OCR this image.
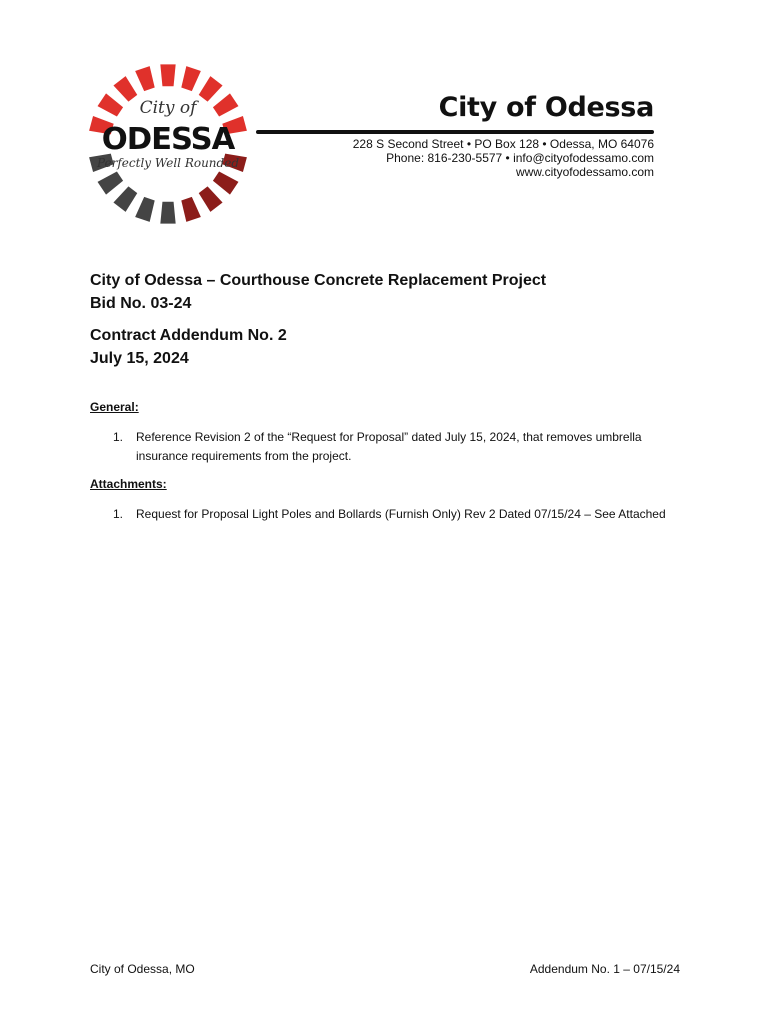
City of
ODESSA
Perfectly Well Rounded
City of Odessa
228 S Second Street • PO Box 128 • Odessa, MO 64076
Phone: 816-230-5577 • info@cityofodessamo.com
www.cityofodessamo.com
City of Odessa – Courthouse Concrete Replacement Project
Bid No. 03-24
Contract Addendum No. 2
July 15, 2024
General:
1. Reference Revision 2 of the “Request for Proposal” dated July 15, 2024, that removes umbrella insurance requirements from the project.
Attachments:
1. Request for Proposal Light Poles and Bollards (Furnish Only) Rev 2 Dated 07/15/24 – See Attached
City of Odessa, MO	Addendum No. 1 – 07/15/24
